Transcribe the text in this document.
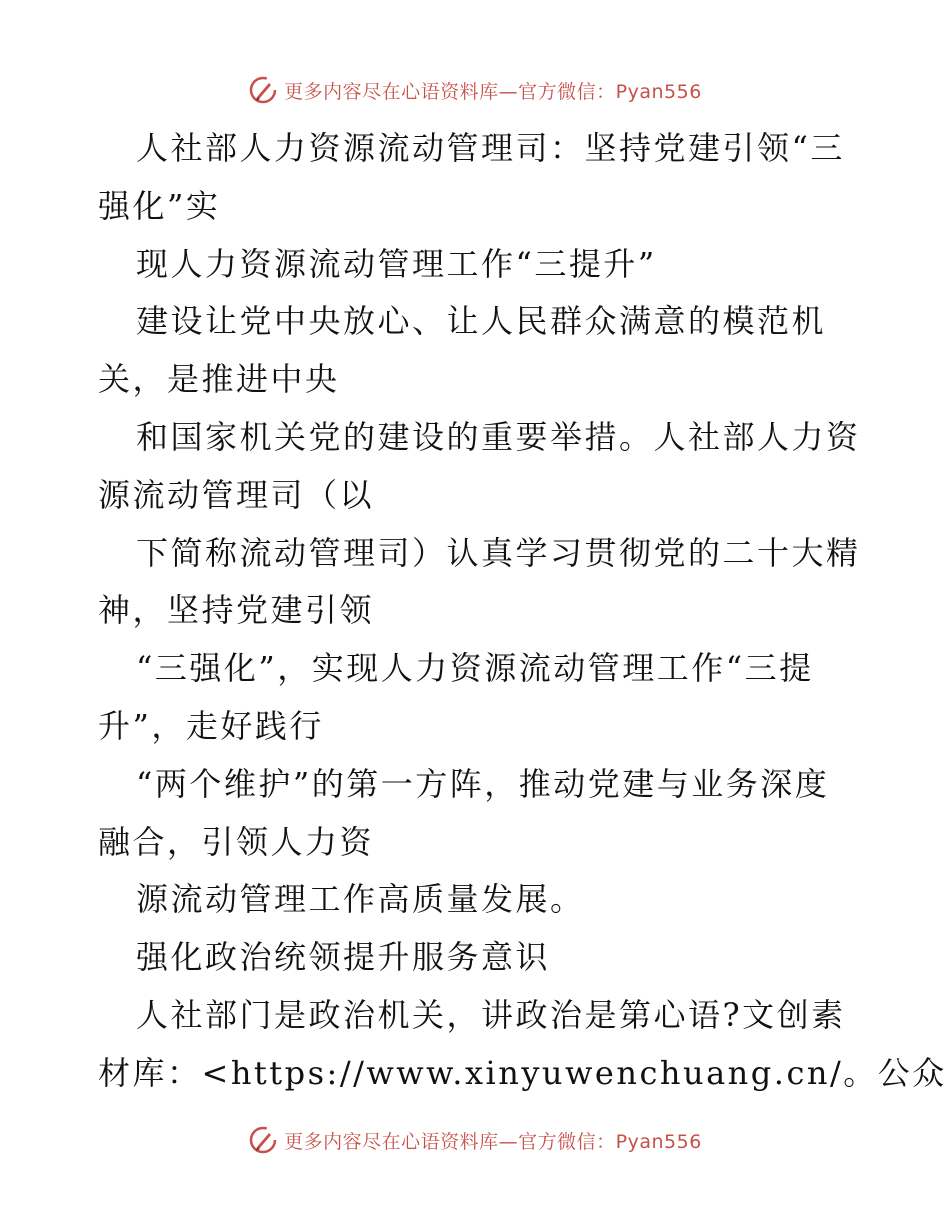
更多内容尽在心语资料库—官方微信：Pyan556
人社部人力资源流动管理司：坚持党建引领“三
强化”实
现人力资源流动管理工作“三提升”
建设让党中央放心、让人民群众满意的模范机
关，是推进中央
和国家机关党的建设的重要举措。人社部人力资
源流动管理司（以
下简称流动管理司）认真学习贯彻党的二十大精
神，坚持党建引领
“三强化”，实现人力资源流动管理工作“三提
升”，走好践行
“两个维护”的第一方阵，推动党建与业务深度
融合，引领人力资
源流动管理工作高质量发展。
强化政治统领提升服务意识
人社部门是政治机关，讲政治是第心语?文创素
材库：<https://www.xinyuwenchuang.cn/。公众
更多内容尽在心语资料库—官方微信：Pyan556
